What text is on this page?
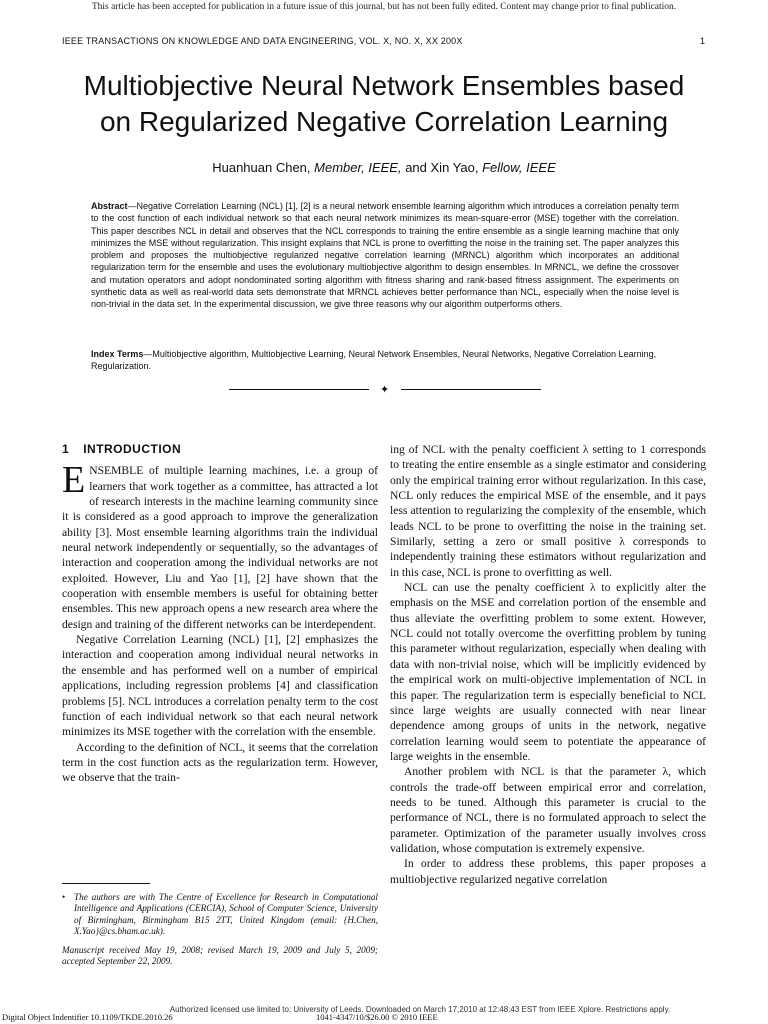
This article has been accepted for publication in a future issue of this journal, but has not been fully edited. Content may change prior to final publication.
IEEE TRANSACTIONS ON KNOWLEDGE AND DATA ENGINEERING, VOL. X, NO. X, XX 200X	1
Multiobjective Neural Network Ensembles based
on Regularized Negative Correlation Learning
Huanhuan Chen, Member, IEEE, and Xin Yao, Fellow, IEEE
Abstract—Negative Correlation Learning (NCL) [1], [2] is a neural network ensemble learning algorithm which introduces a correlation penalty term to the cost function of each individual network so that each neural network minimizes its mean-square-error (MSE) together with the correlation. This paper describes NCL in detail and observes that the NCL corresponds to training the entire ensemble as a single learning machine that only minimizes the MSE without regularization. This insight explains that NCL is prone to overfitting the noise in the training set. The paper analyzes this problem and proposes the multiobjective regularized negative correlation learning (MRNCL) algorithm which incorporates an additional regularization term for the ensemble and uses the evolutionary multiobjective algorithm to design ensembles. In MRNCL, we define the crossover and mutation operators and adopt nondominated sorting algorithm with fitness sharing and rank-based fitness assignment. The experiments on synthetic data as well as real-world data sets demonstrate that MRNCL achieves better performance than NCL, especially when the noise level is non-trivial in the data set. In the experimental discussion, we give three reasons why our algorithm outperforms others.
Index Terms—Multiobjective algorithm, Multiobjective Learning, Neural Network Ensembles, Neural Networks, Negative Correlation Learning, Regularization.
✦
1 INTRODUCTION

ENSEMBLE of multiple learning machines, i.e. a group of learners that work together as a committee, has attracted a lot of research interests in the machine learning community since it is considered as a good approach to improve the generalization ability [3]. Most ensemble learning algorithms train the individual neural network independently or sequentially, so the advantages of interaction and cooperation among the individual networks are not exploited. However, Liu and Yao [1], [2] have shown that the cooperation with ensemble members is useful for obtaining better ensembles. This new approach opens a new research area where the design and training of the different networks can be interdependent.

Negative Correlation Learning (NCL) [1], [2] emphasizes the interaction and cooperation among individual neural networks in the ensemble and has performed well on a number of empirical applications, including regression problems [4] and classification problems [5]. NCL introduces a correlation penalty term to the cost function of each individual network so that each neural network minimizes its MSE together with the correlation with the ensemble.

According to the definition of NCL, it seems that the correlation term in the cost function acts as the regularization term. However, we observe that the train-

ing of NCL with the penalty coefficient λ setting to 1 corresponds to treating the entire ensemble as a single estimator and considering only the empirical training error without regularization. In this case, NCL only reduces the empirical MSE of the ensemble, and it pays less attention to regularizing the complexity of the ensemble, which leads NCL to be prone to overfitting the noise in the training set. Similarly, setting a zero or small positive λ corresponds to independently training these estimators without regularization and in this case, NCL is prone to overfitting as well.

NCL can use the penalty coefficient λ to explicitly alter the emphasis on the MSE and correlation portion of the ensemble and thus alleviate the overfitting problem to some extent. However, NCL could not totally overcome the overfitting problem by tuning this parameter without regularization, especially when dealing with data with non-trivial noise, which will be implicitly evidenced by the empirical work on multi-objective implementation of NCL in this paper. The regularization term is especially beneficial to NCL since large weights are usually connected with near linear dependence among groups of units in the network, negative correlation learning would seem to potentiate the appearance of large weights in the ensemble.

Another problem with NCL is that the parameter λ, which controls the trade-off between empirical error and correlation, needs to be tuned. Although this parameter is crucial to the performance of NCL, there is no formulated approach to select the parameter. Optimization of the parameter usually involves cross validation, whose computation is extremely expensive.

In order to address these problems, this paper proposes a multiobjective regularized negative correlation

• The authors are with The Centre of Excellence for Research in Computational Intelligence and Applications (CERCIA), School of Computer Science, University of Birmingham, Birmingham B15 2TT, United Kingdom (email: {H.Chen, X.Yao}@cs.bham.ac.uk).
Manuscript received May 19, 2008; revised March 19, 2009 and July 5, 2009; accepted September 22, 2009.
Authorized licensed use limited to: University of Leeds. Downloaded on March 17,2010 at 12:48:43 EST from IEEE Xplore. Restrictions apply.
Digital Object Indentifier 10.1109/TKDE.2010.26	1041-4347/10/$26.00 © 2010 IEEE
